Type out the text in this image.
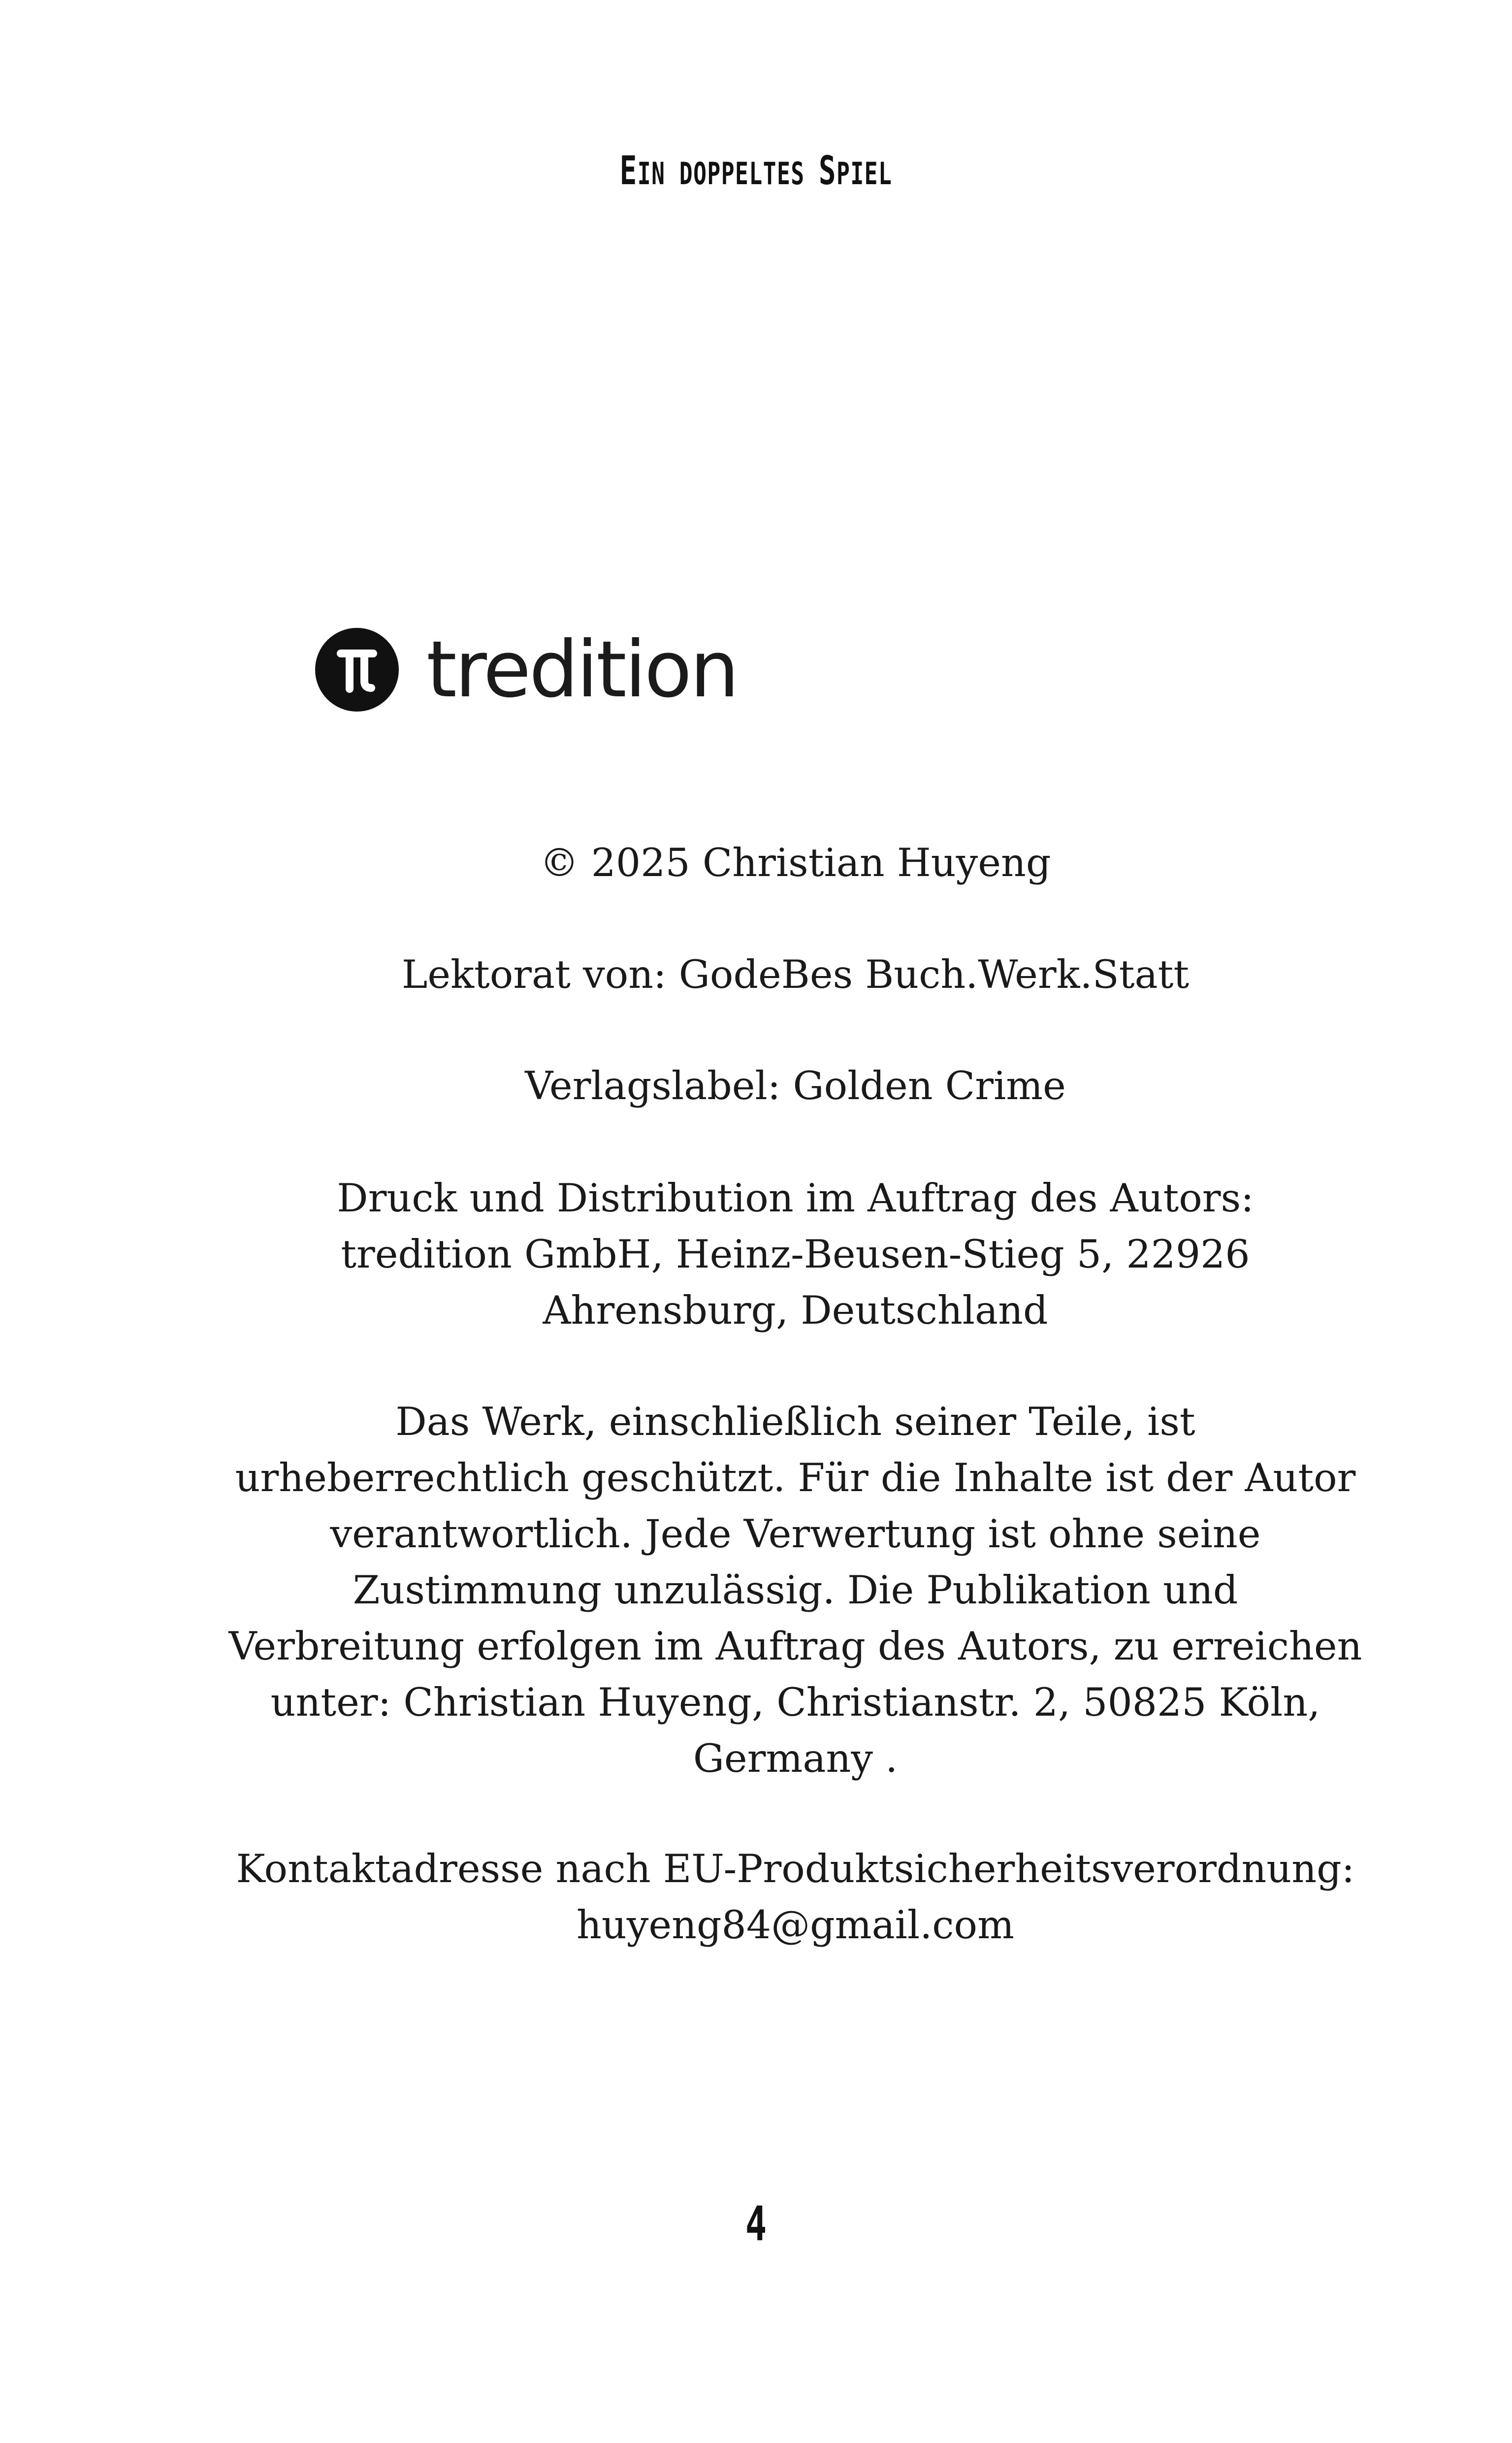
EIN DOPPELTES SPIEL
tredition

© 2025 Christian Huyeng

Lektorat von: GodeBes Buch.Werk.Statt

Verlagslabel: Golden Crime

Druck und Distribution im Auftrag des Autors:

tredition GmbH, Heinz-Beusen-Stieg 5, 22926

Ahrensburg, Deutschland

Das Werk, einschließlich seiner Teile, ist

urheberrechtlich geschützt. Für die Inhalte ist der Autor

verantwortlich. Jede Verwertung ist ohne seine

Zustimmung unzulässig. Die Publikation und

Verbreitung erfolgen im Auftrag des Autors, zu erreichen

unter: Christian Huyeng, Christianstr. 2, 50825 Köln,

Germany .

Kontaktadresse nach EU-Produktsicherheitsverordnung:

huyeng84@gmail.com

4
